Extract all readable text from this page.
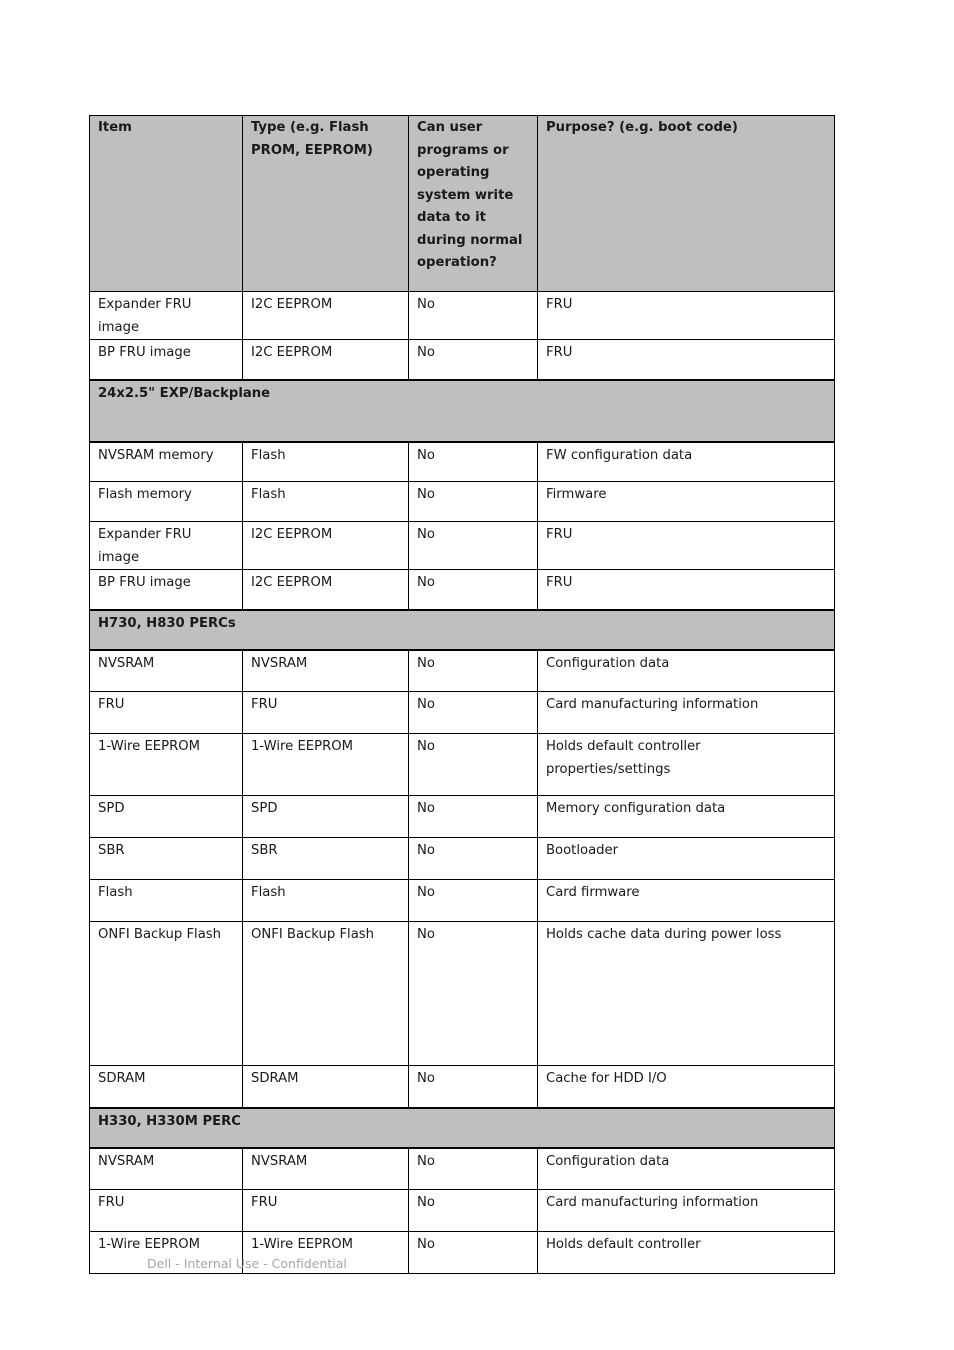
Item	Type (e.g. Flash PROM, EEPROM)	Can user programs or operating system write data to it during normal operation?	Purpose? (e.g. boot code)
Expander FRU image	I2C EEPROM	No	FRU
BP FRU image	I2C EEPROM	No	FRU
24x2.5" EXP/Backplane			
NVSRAM memory	Flash	No	FW configuration data
Flash memory	Flash	No	Firmware
Expander FRU image	I2C EEPROM	No	FRU
BP FRU image	I2C EEPROM	No	FRU
H730, H830 PERCs			
NVSRAM	NVSRAM	No	Configuration data
FRU	FRU	No	Card manufacturing information
1-Wire EEPROM	1-Wire EEPROM	No	Holds default controller properties/settings
SPD	SPD	No	Memory configuration data
SBR	SBR	No	Bootloader
Flash	Flash	No	Card firmware
ONFI Backup Flash	ONFI Backup Flash	No	Holds cache data during power loss
SDRAM	SDRAM	No	Cache for HDD I/O
H330, H330M PERC			
NVSRAM	NVSRAM	No	Configuration data
FRU	FRU	No	Card manufacturing information
1-Wire EEPROM	1-Wire EEPROM	No	Holds default controller
Dell - Internal Use - Confidential
